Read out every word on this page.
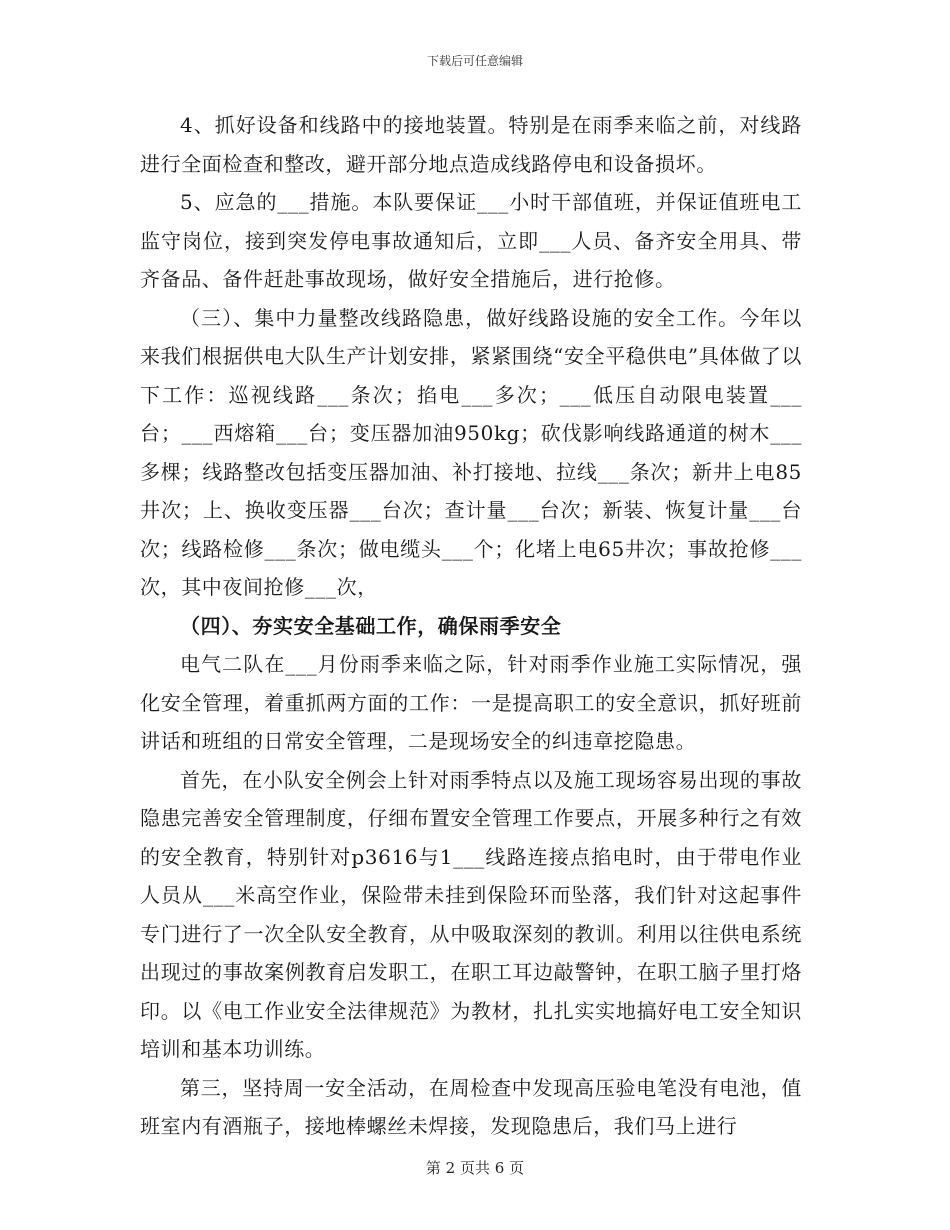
下载后可任意编辑

4、抓好设备和线路中的接地装置。特别是在雨季来临之前，对线路进行全面检查和整改，避开部分地点造成线路停电和设备损坏。

5、应急的___措施。本队要保证___小时干部值班，并保证值班电工监守岗位，接到突发停电事故通知后，立即___人员、备齐安全用具、带齐备品、备件赶赴事故现场，做好安全措施后，进行抢修。

（三）、集中力量整改线路隐患，做好线路设施的安全工作。今年以来我们根据供电大队生产计划安排，紧紧围绕“安全平稳供电”具体做了以下工作：巡视线路___条次；掐电___多次；___低压自动限电装置___台；___西熔箱___台；变压器加油950kg；砍伐影响线路通道的树木___多棵；线路整改包括变压器加油、补打接地、拉线___条次；新井上电85井次；上、换收变压器___台次；查计量___台次；新装、恢复计量___台次；线路检修___条次；做电缆头___个；化堵上电65井次；事故抢修___次，其中夜间抢修___次，

（四）、夯实安全基础工作，确保雨季安全

电气二队在___月份雨季来临之际，针对雨季作业施工实际情况，强化安全管理，着重抓两方面的工作：一是提高职工的安全意识，抓好班前讲话和班组的日常安全管理，二是现场安全的纠违章挖隐患。

首先，在小队安全例会上针对雨季特点以及施工现场容易出现的事故隐患完善安全管理制度，仔细布置安全管理工作要点，开展多种行之有效的安全教育，特别针对p3616与1___线路连接点掐电时，由于带电作业人员从___米高空作业，保险带未挂到保险环而坠落，我们针对这起事件专门进行了一次全队安全教育，从中吸取深刻的教训。利用以往供电系统出现过的事故案例教育启发职工，在职工耳边敲警钟，在职工脑子里打烙印。以《电工作业安全法律规范》为教材，扎扎实实地搞好电工安全知识培训和基本功训练。

第三，坚持周一安全活动，在周检查中发现高压验电笔没有电池，值班室内有酒瓶子，接地棒螺丝未焊接，发现隐患后，我们马上进行

第 2 页共 6 页
